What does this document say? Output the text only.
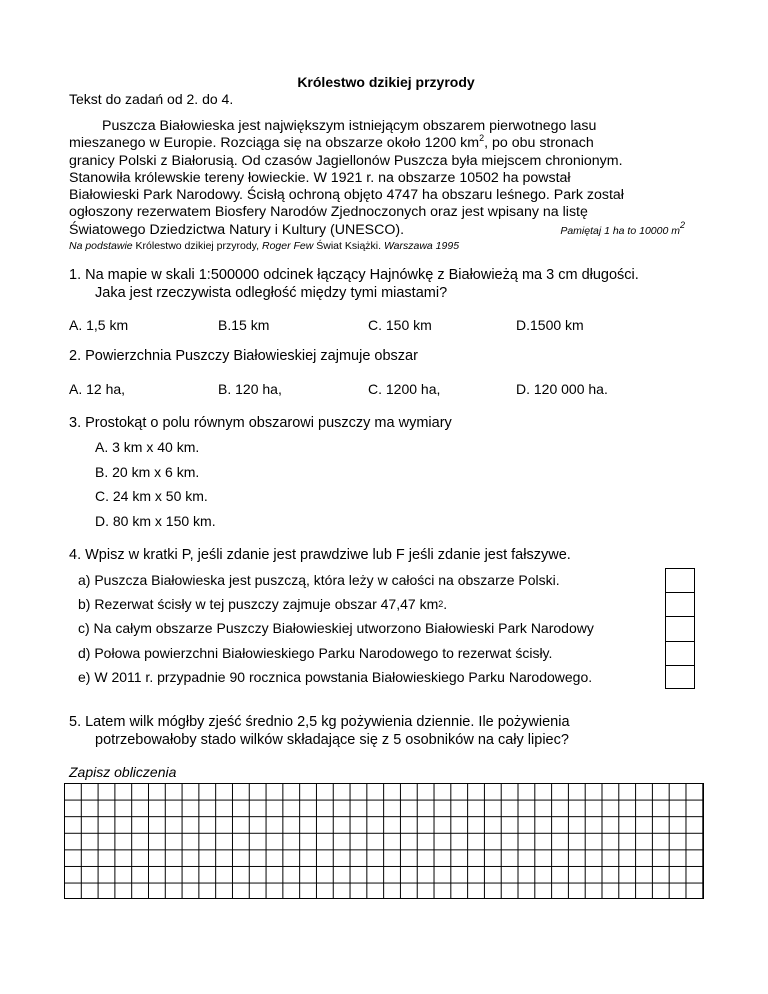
Królestwo dzikiej przyrody
Tekst do zadań od 2. do 4.

Puszcza Białowieska jest największym istniejącym obszarem pierwotnego lasu

mieszanego w Europie. Rozciąga się na obszarze około 1200 $km^2$, po obu stronach

granicy Polski z Białorusią. Od czasów Jagiellonów Puszcza była miejscem chronionym.

Stanowiła królewskie tereny łowieckie. W 1921 r. na obszarze 10502 ha powstał

Białowieski Park Narodowy. Ścisłą ochroną objęto 4747 ha obszaru leśnego. Park został

ogłoszony rezerwatem Biosfery Narodów Zjednoczonych oraz jest wpisany na listę

Światowego Dziedzictwa Natury i Kultury (UNESCO).	Pamiętaj 1 ha to 10000 $m^2$
Na podstawie Królestwo dzikiej przyrody, Roger Few Świat Książki. Warszawa 1995
1. Na mapie w skali 1:500000 odcinek łączący Hajnówkę z Białowieżą ma 3 cm długości.
Jaka jest rzeczywista odległość między tymi miastami?
A. 1,5 km	B.15 km	C. 150 km	D.1500 km
2. Powierzchnia Puszczy Białowieskiej zajmuje obszar
A. 12 ha,	B. 120 ha,	C. 1200 ha,	D. 120 000 ha.
3. Prostokąt o polu równym obszarowi puszczy ma wymiary
A. 3 km x 40 km.
B. 20 km x 6 km.
C. 24 km x 50 km.
D. 80 km x 150 km.
4. Wpisz w kratki P, jeśli zdanie jest prawdziwe lub F jeśli zdanie jest fałszywe.
a) Puszcza Białowieska jest puszczą, która leży w całości na obszarze Polski.
b) Rezerwat ścisły w tej puszczy zajmuje obszar 47,47 km 2 .
c) Na całym obszarze Puszczy Białowieskiej utworzono Białowieski Park Narodowy
d) Połowa powierzchni Białowieskiego Parku Narodowego to rezerwat ścisły.
e) W 2011 r. przypadnie 90 rocznica powstania Białowieskiego Parku Narodowego.
5. Latem wilk mógłby zjeść średnio 2,5 kg pożywienia dziennie. Ile pożywienia
potrzebowałoby stado wilków składające się z 5 osobników na cały lipiec?
Zapisz obliczenia
